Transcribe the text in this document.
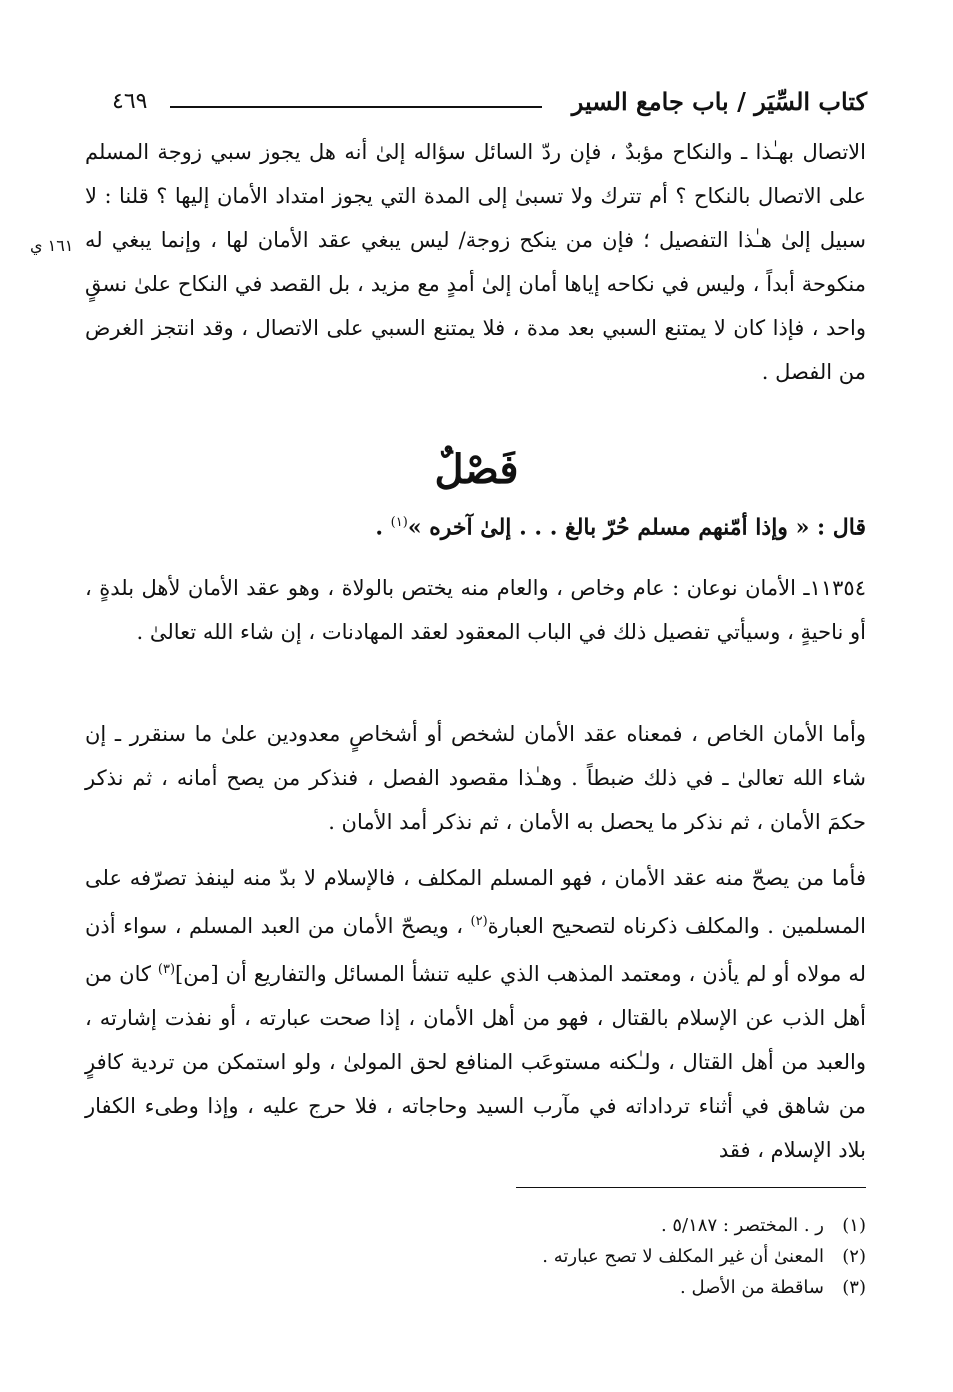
كتاب السِّيَر / باب جامع السير
٤٦٩
الاتصال بهـٰذا ـ والنكاح مؤبدٌ ، فإن ردّ السائل سؤاله إلىٰ أنه هل يجوز سبي زوجة المسلم على الاتصال بالنكاح ؟ أم تترك ولا تسبىٰ إلى المدة التي يجوز امتداد الأمان إليها ؟ قلنا : لا سبيل إلىٰ هـٰذا التفصيل ؛ فإن من ينكح زوجة/ ليس يبغي عقد الأمان لها ، وإنما يبغي له منكوحة أبداً ، وليس في نكاحه إياها أمان إلىٰ أمدٍ مع مزيد ، بل القصد في النكاح علىٰ نسقٍ واحد ، فإذا كان لا يمتنع السبي بعد مدة ، فلا يمتنع السبي على الاتصال ، وقد انتجز الغرض من الفصل .
١٦١ ي
فَصْلٌ
قال : « وإذا أمّنهم مسلم حُرّ بالغ . . . إلىٰ آخره »$^{(١)}$ .
١١٣٥٤ـ الأمان نوعان : عام وخاص ، والعام منه يختص بالولاة ، وهو عقد الأمان لأهل بلدةٍ ، أو ناحيةٍ ، وسيأتي تفصيل ذلك في الباب المعقود لعقد المهادنات ، إن شاء الله تعالىٰ .
وأما الأمان الخاص ، فمعناه عقد الأمان لشخص أو أشخاصٍ معدودين علىٰ ما سنقرر ـ إن شاء الله تعالىٰ ـ في ذلك ضبطاً . وهـٰذا مقصود الفصل ، فنذكر من يصح أمانه ، ثم نذكر حكمَ الأمان ، ثم نذكر ما يحصل به الأمان ، ثم نذكر أمد الأمان .
فأما من يصحّ منه عقد الأمان ، فهو المسلم المكلف ، فالإسلام لا بدّ منه لينفذ تصرّفه على المسلمين . والمكلف ذكرناه لتصحيح العبارة$^{(٢)}$ ، ويصحّ الأمان من العبد المسلم ، سواء أذن له مولاه أو لم يأذن ، ومعتمد المذهب الذي عليه تنشأ المسائل والتفاريع أن [من]$^{(٣)}$ كان من أهل الذب عن الإسلام بالقتال ، فهو من أهل الأمان ، إذا صحت عبارته ، أو نفذت إشارته ، والعبد من أهل القتال ، ولـٰكنه مستوعَب المنافع لحق المولىٰ ، ولو استمكن من تردية كافرٍ من شاهق في أثناء ترداداته في مآرب السيد وحاجاته ، فلا حرج عليه ، وإذا وطىء الكفار بلاد الإسلام ، فقد
(١)
ر . المختصر : ٥/١٨٧ .
(٢)
المعنىٰ أن غير المكلف لا تصح عبارته .
(٣)
ساقطة من الأصل .
